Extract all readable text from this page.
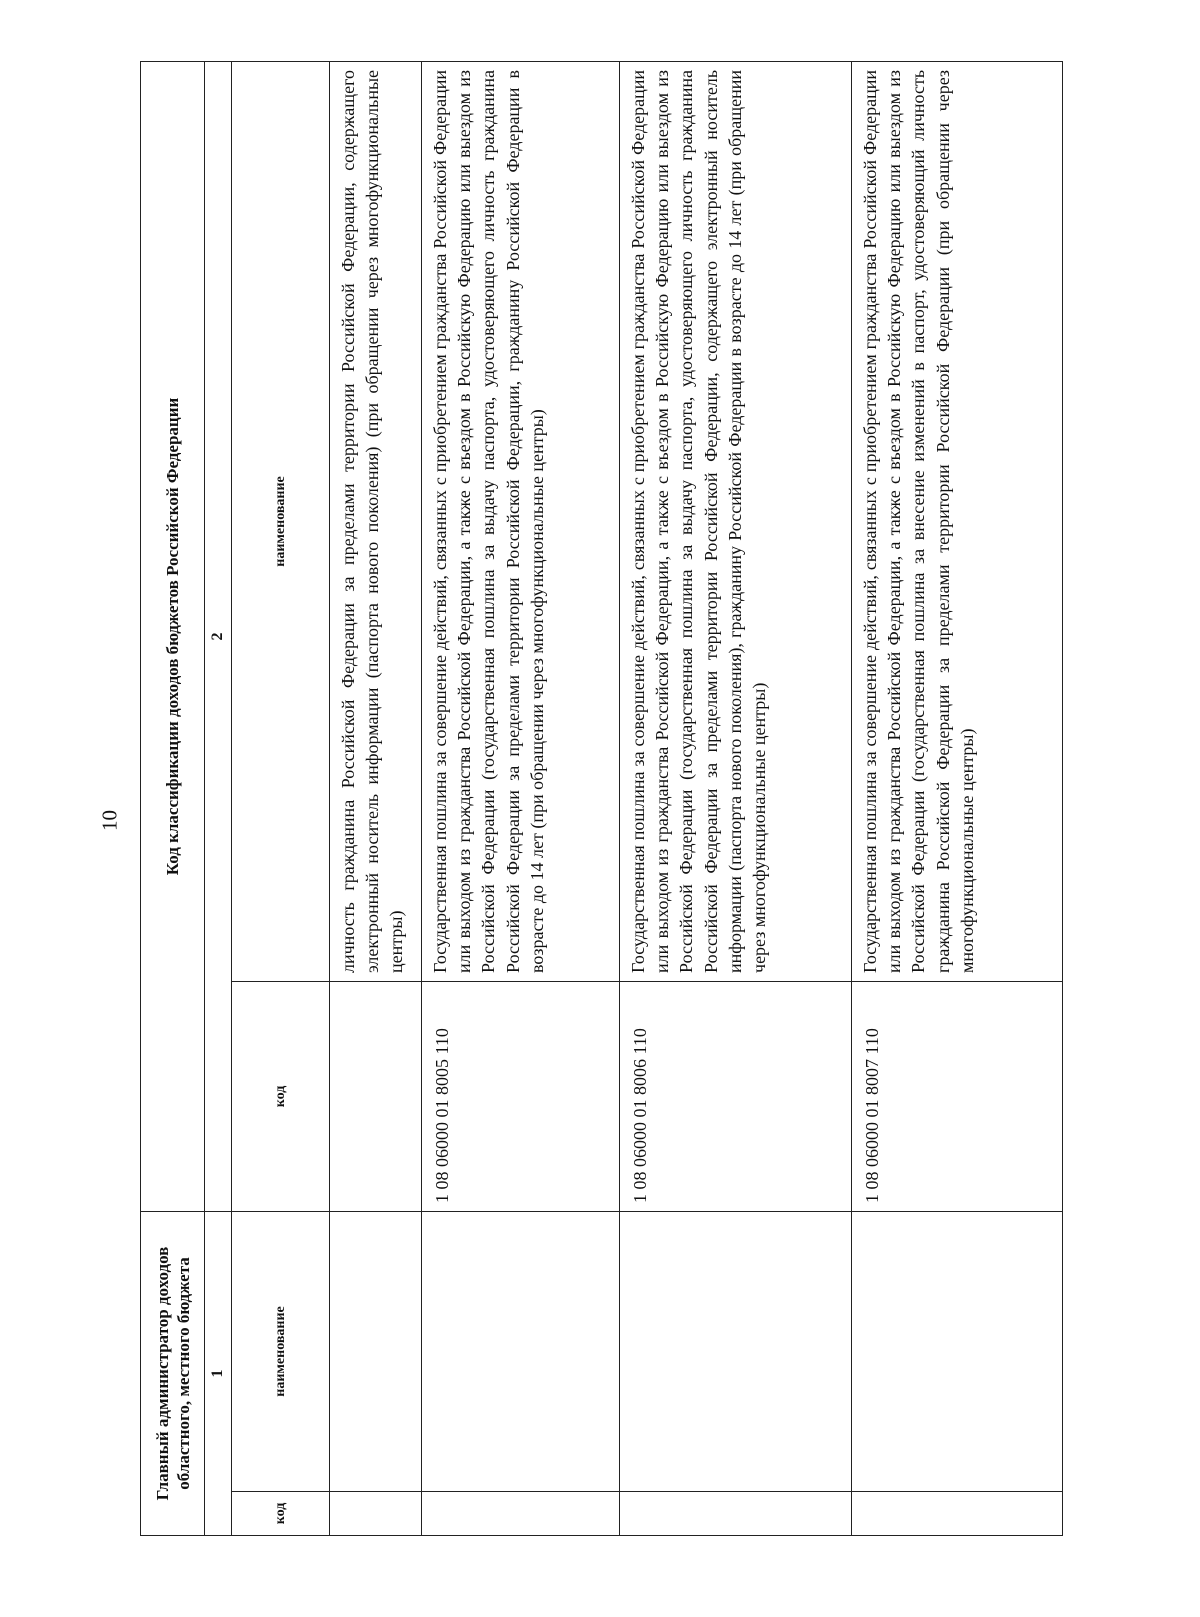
10
Главный администратор доходов областного, местного бюджета		Код классификации доходов бюджетов Российской Федерации	
1		2	
код	наименование	код	наименование
			личность гражданина Российской Федерации за пределами территории Российской Федерации, содержащего электронный носитель информации (паспорта нового поколения) (при обращении через многофункциональные центры)
		1 08 06000 01 8005 110	Государственная пошлина за совершение действий, связанных с приобретением гражданства Российской Федерации или выходом из гражданства Российской Федерации, а также с въездом в Российскую Федерацию или выездом из Российской Федерации (государственная пошлина за выдачу паспорта, удостоверяющего личность гражданина Российской Федерации за пределами территории Российской Федерации, гражданину Российской Федерации в возрасте до 14 лет (при обращении через многофункциональные центры)
		1 08 06000 01 8006 110	Государственная пошлина за совершение действий, связанных с приобретением гражданства Российской Федерации или выходом из гражданства Российской Федерации, а также с въездом в Российскую Федерацию или выездом из Российской Федерации (государственная пошлина за выдачу паспорта, удостоверяющего личность гражданина Российской Федерации за пределами территории Российской Федерации, содержащего электронный носитель информации (паспорта нового поколения), гражданину Российской Федерации в возрасте до 14 лет (при обращении через многофункциональные центры)
		1 08 06000 01 8007 110	Государственная пошлина за совершение действий, связанных с приобретением гражданства Российской Федерации или выходом из гражданства Российской Федерации, а также с въездом в Российскую Федерацию или выездом из Российской Федерации (государственная пошлина за внесение изменений в паспорт, удостоверяющий личность гражданина Российской Федерации за пределами территории Российской Федерации (при обращении через многофункциональные центры)
